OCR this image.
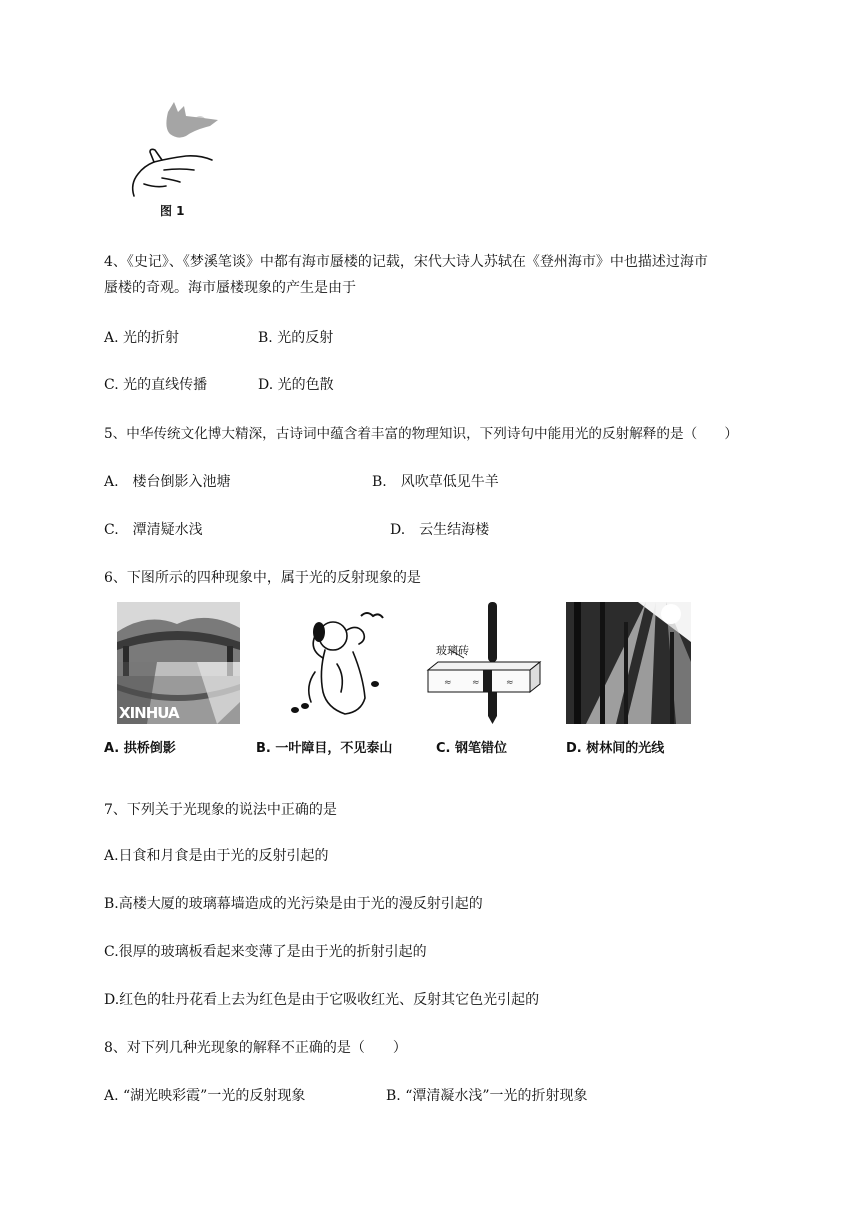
图 1
4、《史记》、《梦溪笔谈》中都有海市蜃楼的记载，宋代大诗人苏轼在《登州海市》中也描述过海市
蜃楼的奇观。海市蜃楼现象的产生是由于
A. 光的折射	B. 光的反射
C. 光的直线传播	D. 光的色散
5、中华传统文化博大精深，古诗词中蕴含着丰富的物理知识，下列诗句中能用光的反射解释的是（　　）
A.　楼台倒影入池塘	B.　风吹草低见牛羊
C.　潭清疑水浅	D.　云生结海楼
6、下图所示的四种现象中，属于光的反射现象的是
XINHUA
≈ ≈	≈
玻璃砖
A. 拱桥倒影	B. 一叶障目，不见泰山	C. 钢笔错位	D. 树林间的光线
7、下列关于光现象的说法中正确的是
A.日食和月食是由于光的反射引起的
B.高楼大厦的玻璃幕墙造成的光污染是由于光的漫反射引起的
C.很厚的玻璃板看起来变薄了是由于光的折射引起的
D.红色的牡丹花看上去为红色是由于它吸收红光、反射其它色光引起的
8、对下列几种光现象的解释不正确的是（　　）
A. “湖光映彩霞”一光的反射现象	B. “潭清凝水浅”一光的折射现象
